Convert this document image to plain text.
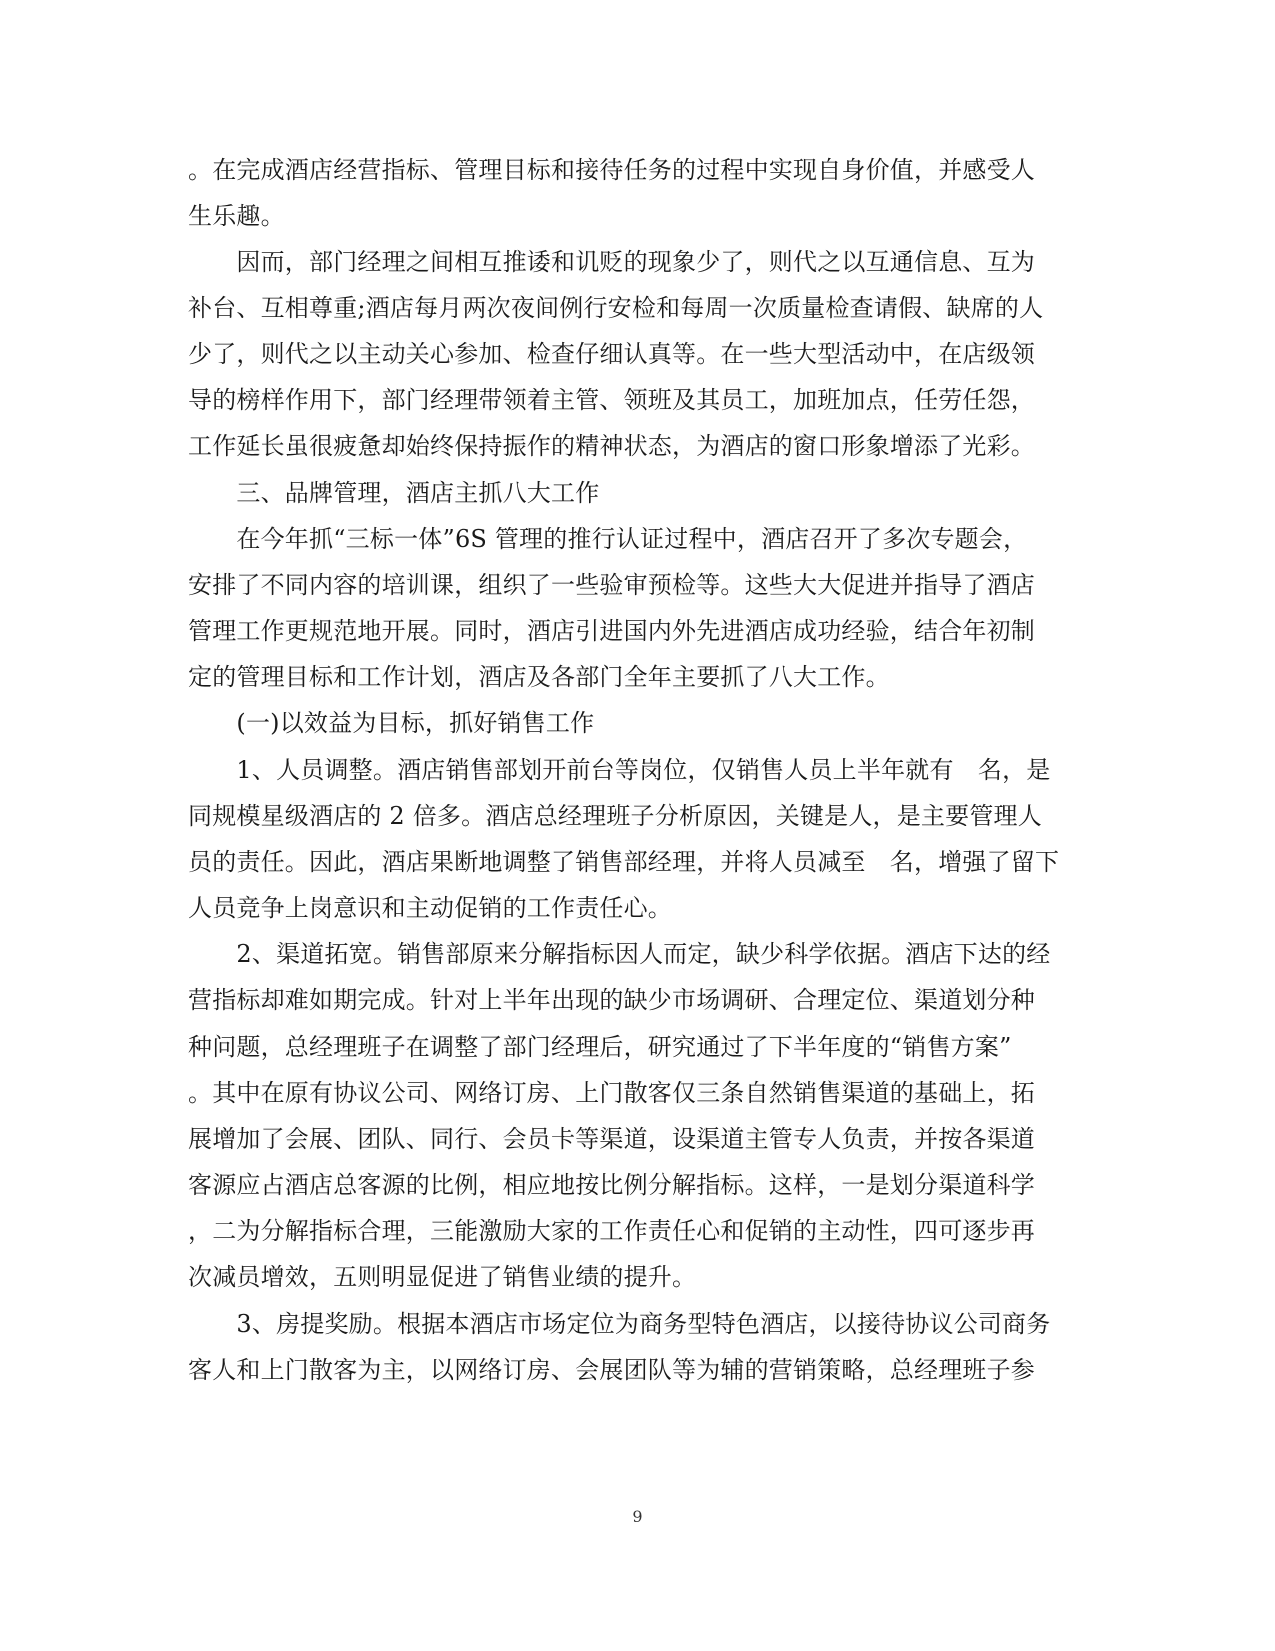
。在完成酒店经营指标、管理目标和接待任务的过程中实现自身价值，并感受人
生乐趣。
　　因而，部门经理之间相互推诿和讥贬的现象少了，则代之以互通信息、互为
补台、互相尊重;酒店每月两次夜间例行安检和每周一次质量检查请假、缺席的人
少了，则代之以主动关心参加、检查仔细认真等。在一些大型活动中，在店级领
导的榜样作用下，部门经理带领着主管、领班及其员工，加班加点，任劳任怨，
工作延长虽很疲惫却始终保持振作的精神状态，为酒店的窗口形象增添了光彩。
　　三、品牌管理，酒店主抓八大工作
　　在今年抓“三标一体”6S 管理的推行认证过程中，酒店召开了多次专题会，
安排了不同内容的培训课，组织了一些验审预检等。这些大大促进并指导了酒店
管理工作更规范地开展。同时，酒店引进国内外先进酒店成功经验，结合年初制
定的管理目标和工作计划，酒店及各部门全年主要抓了八大工作。
　　(一)以效益为目标，抓好销售工作
　　1、人员调整。酒店销售部划开前台等岗位，仅销售人员上半年就有　名，是
同规模星级酒店的 2 倍多。酒店总经理班子分析原因，关键是人，是主要管理人
员的责任。因此，酒店果断地调整了销售部经理，并将人员减至　名，增强了留下
人员竞争上岗意识和主动促销的工作责任心。
　　2、渠道拓宽。销售部原来分解指标因人而定，缺少科学依据。酒店下达的经
营指标却难如期完成。针对上半年出现的缺少市场调研、合理定位、渠道划分种
种问题，总经理班子在调整了部门经理后，研究通过了下半年度的“销售方案”
。其中在原有协议公司、网络订房、上门散客仅三条自然销售渠道的基础上，拓
展增加了会展、团队、同行、会员卡等渠道，设渠道主管专人负责，并按各渠道
客源应占酒店总客源的比例，相应地按比例分解指标。这样，一是划分渠道科学
，二为分解指标合理，三能激励大家的工作责任心和促销的主动性，四可逐步再
次减员增效，五则明显促进了销售业绩的提升。
　　3、房提奖励。根据本酒店市场定位为商务型特色酒店，以接待协议公司商务
客人和上门散客为主，以网络订房、会展团队等为辅的营销策略，总经理班子参
9
